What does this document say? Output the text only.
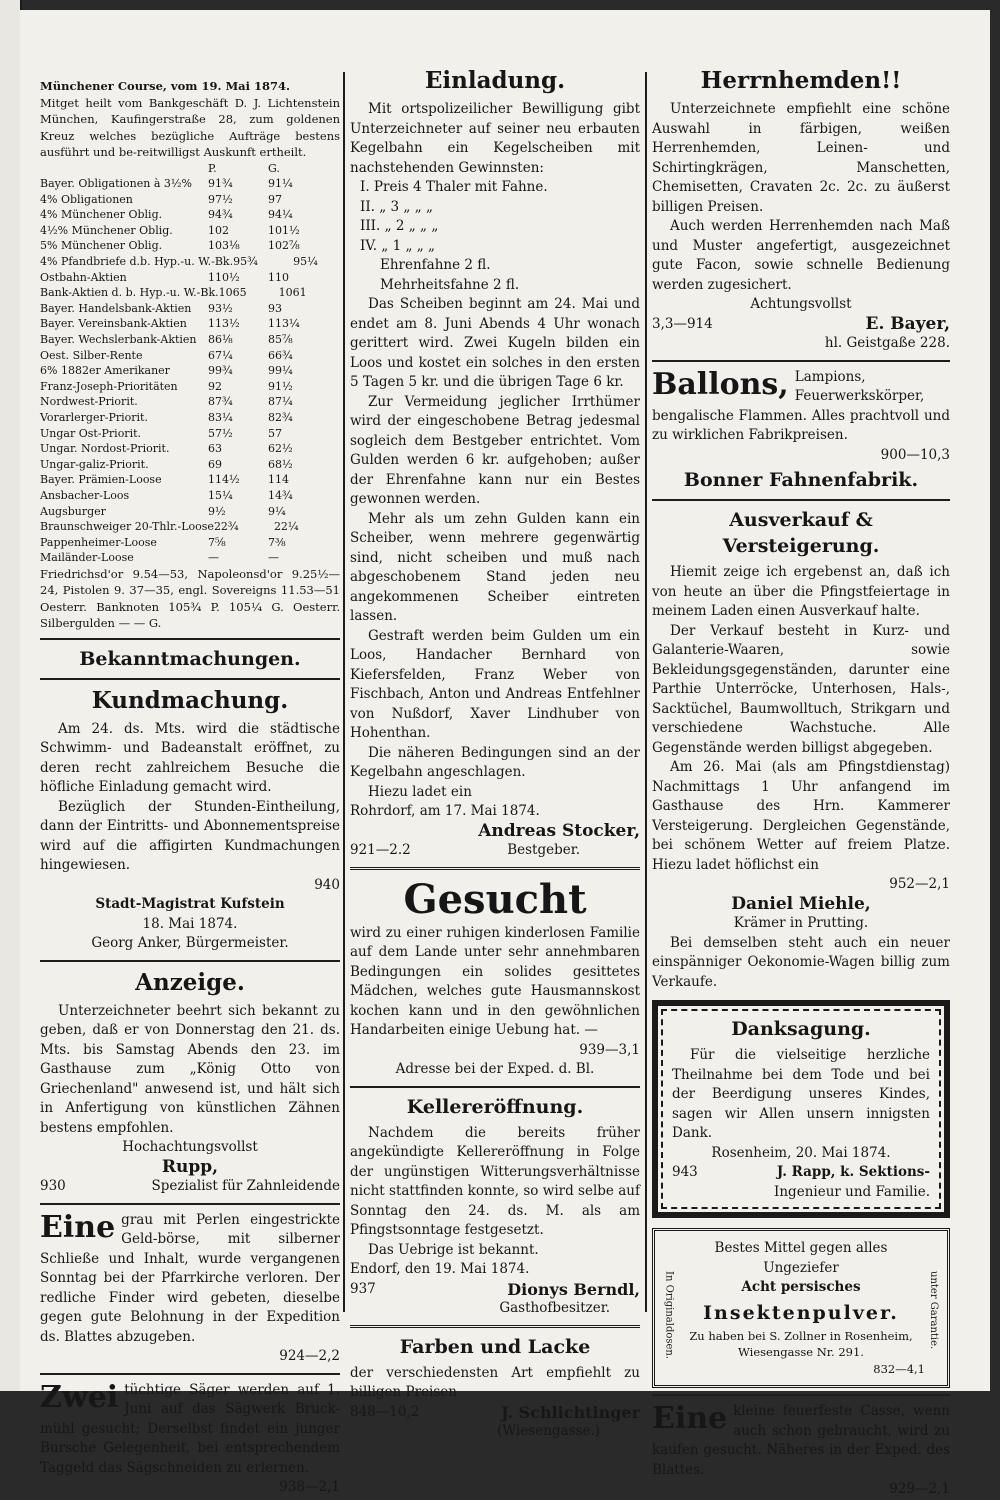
Münchener Course, vom 19. Mai 1874.

Mitget heilt vom Bankgeschäft D. J. Lichtenstein München, Kaufingerstraße 28, zum goldenen Kreuz welches bezügliche Aufträge bestens ausführt und be-reitwilligst Auskunft ertheilt.

P.	G.
Bayer. Obligationen à 3½%	91¾	91¼
4% Obligationen	97½	97
4% Münchener Oblig.	94¾	94¼
4½% Münchener Oblig.	102	101½
5% Münchener Oblig.	103⅛	102⅞
4% Pfandbriefe d.b. Hyp.-u. W.-Bk. 95¾	95¼
Ostbahn-Aktien	110½	110
Bank-Aktien d. b. Hyp.-u. W.-Bk. 1065	1061
Bayer. Handelsbank-Aktien	93½	93
Bayer. Vereinsbank-Aktien	113½	113¼
Bayer. Wechslerbank-Aktien	86⅛	85⅞
Oest. Silber-Rente	67¼	66¾
6% 1882er Amerikaner	99¾	99¼
Franz-Joseph-Prioritäten	92	91½
Nordwest-Priorit.	87¾	87¼
Vorarlerger-Priorit.	83¼	82¾
Ungar Ost-Priorit.	57½	57
Ungar. Nordost-Priorit.	63	62½
Ungar-galiz-Priorit.	69	68½
Bayer. Prämien-Loose	114½	114
Ansbacher-Loos	15¼	14¾
Augsburger	9½	9¼
Braunschweiger 20-Thlr.-Loose 22¾	22¼
Pappenheimer-Loose	7⅝	7⅜
Mailänder-Loose	—	—

Friedrichsd'or 9.54—53, Napoleonsd'or 9.25½—24, Pistolen 9. 37—35, engl. Sovereigns 11.53—51 Oesterr. Banknoten 105¾ P. 105¼ G. Oesterr. Silbergulden — — G.

Bekanntmachungen.

Kundmachung.

Am 24. ds. Mts. wird die städtische Schwimm- und Badeanstalt eröffnet, zu deren recht zahlreichem Besuche die höfliche Einladung gemacht wird.

Bezüglich der Stunden-Eintheilung, dann der Eintritts- und Abonnementspreise wird auf die affigirten Kundmachungen hingewiesen.

940

Stadt-Magistrat Kufstein

18. Mai 1874.

Georg Anker, Bürgermeister.

Anzeige.

Unterzeichneter beehrt sich bekannt zu geben, daß er von Donnerstag den 21. ds. Mts. bis Samstag Abends den 23. im Gasthause zum „König Otto von Griechenland" anwesend ist, und hält sich in Anfertigung von künstlichen Zähnen bestens empfohlen.

Hochachtungsvollst

Rupp,

930	Spezialist für Zahnleidende
Eine grau mit Perlen eingestrickte Geld-börse, mit silberner Schließe und Inhalt, wurde vergangenen Sonntag bei der Pfarrkirche verloren. Der redliche Finder wird gebeten, dieselbe gegen gute Belohnung in der Expedition ds. Blattes abzugeben.

924—2,2

Zwei tüchtige Säger werden auf 1. Juni auf das Sägwerk Bruck-mühl gesucht; Derselbst findet ein junger Bursche Gelegenheit, bei entsprechendem Taggeld das Sägschneiden zu erlernen.

938—2,1

Einladung.

Mit ortspolizeilicher Bewilligung gibt Unterzeichneter auf seiner neu erbauten Kegelbahn ein Kegelscheiben mit nachstehenden Gewinnsten:

I. Preis 4 Thaler mit Fahne.

II. „ 3 „ „ „

III. „ 2 „ „ „

IV. „ 1 „ „ „

Ehrenfahne 2 fl.

Mehrheitsfahne 2 fl.

Das Scheiben beginnt am 24. Mai und endet am 8. Juni Abends 4 Uhr wonach gerittert wird. Zwei Kugeln bilden ein Loos und kostet ein solches in den ersten 5 Tagen 5 kr. und die übrigen Tage 6 kr.

Zur Vermeidung jeglicher Irrthümer wird der eingeschobene Betrag jedesmal sogleich dem Bestgeber entrichtet. Vom Gulden werden 6 kr. aufgehoben; außer der Ehrenfahne kann nur ein Bestes gewonnen werden.

Mehr als um zehn Gulden kann ein Scheiber, wenn mehrere gegenwärtig sind, nicht scheiben und muß nach abgeschobenem Stand jeden neu angekommenen Scheiber eintreten lassen.

Gestraft werden beim Gulden um ein Loos, Handacher Bernhard von Kiefersfelden, Franz Weber von Fischbach, Anton und Andreas Entfehlner von Nußdorf, Xaver Lindhuber von Hohenthan.

Die näheren Bedingungen sind an der Kegelbahn angeschlagen.

Hiezu ladet ein

Rohrdorf, am 17. Mai 1874.

Andreas Stocker,

921—2.2	Bestgeber.

Gesucht

wird zu einer ruhigen kinderlosen Familie auf dem Lande unter sehr annehmbaren Bedingungen ein solides gesittetes Mädchen, welches gute Hausmannskost kochen kann und in den gewöhnlichen Handarbeiten einige Uebung hat. —

939—3,1

Adresse bei der Exped. d. Bl.

Kellereröffnung.

Nachdem die bereits früher angekündigte Kellereröffnung in Folge der ungünstigen Witterungsverhältnisse nicht stattfinden konnte, so wird selbe auf Sonntag den 24. ds. M. als am Pfingstsonntage festgesetzt.

Das Uebrige ist bekannt.

Endorf, den 19. Mai 1874.

937	Dionys Berndl,

Gasthofbesitzer.

Farben und Lacke

der verschiedensten Art empfiehlt zu billigen Preisen

848—10,2	J. Schlichtinger

(Wiesengasse.)

Herrnhemden!!

Unterzeichnete empfiehlt eine schöne Auswahl in färbigen, weißen Herrenhemden, Leinen- und Schirtingkrägen, Manschetten, Chemisetten, Cravaten 2c. 2c. zu äußerst billigen Preisen.

Auch werden Herrenhemden nach Maß und Muster angefertigt, ausgezeichnet gute Facon, sowie schnelle Bedienung werden zugesichert.

Achtungsvollst

3,3—914	E. Bayer,

hl. Geistgaße 228.

Ballons, Lampions, Feuerwerkskörper, bengalische Flammen. Alles prachtvoll und zu wirklichen Fabrikpreisen.

900—10,3

Bonner Fahnenfabrik.

Ausverkauf & Versteigerung.

Hiemit zeige ich ergebenst an, daß ich von heute an über die Pfingstfeiertage in meinem Laden einen Ausverkauf halte.

Der Verkauf besteht in Kurz- und Galanterie-Waaren, sowie Bekleidungsgegenständen, darunter eine Parthie Unterröcke, Unterhosen, Hals-, Sacktüchel, Baumwolltuch, Strikgarn und verschiedene Wachstuche. Alle Gegenstände werden billigst abgegeben.

Am 26. Mai (als am Pfingstdienstag) Nachmittags 1 Uhr anfangend im Gasthause des Hrn. Kammerer Versteigerung. Dergleichen Gegenstände, bei schönem Wetter auf freiem Platze. Hiezu ladet höflichst ein

952—2,1

Daniel Miehle,

Krämer in Prutting.

Bei demselben steht auch ein neuer einspänniger Oekonomie-Wagen billig zum Verkaufe.

Danksagung.

Für die vielseitige herzliche Theilnahme bei dem Tode und bei der Beerdigung unseres Kindes, sagen wir Allen unsern innigsten Dank.

Rosenheim, 20. Mai 1874.

943	J. Rapp, k. Sektions-

Ingenieur und Familie.

In Originaldosen.	unter Garantie.

Bestes Mittel gegen alles Ungeziefer

Acht persisches

Insektenpulver.

Zu haben bei S. Zollner in Rosenheim, Wiesengasse Nr. 291.

832—4,1

Eine kleine feuerfeste Casse, wenn auch schon gebraucht, wird zu kaufen gesucht. Näheres in der Exped. des Blattes.

929—2,1
